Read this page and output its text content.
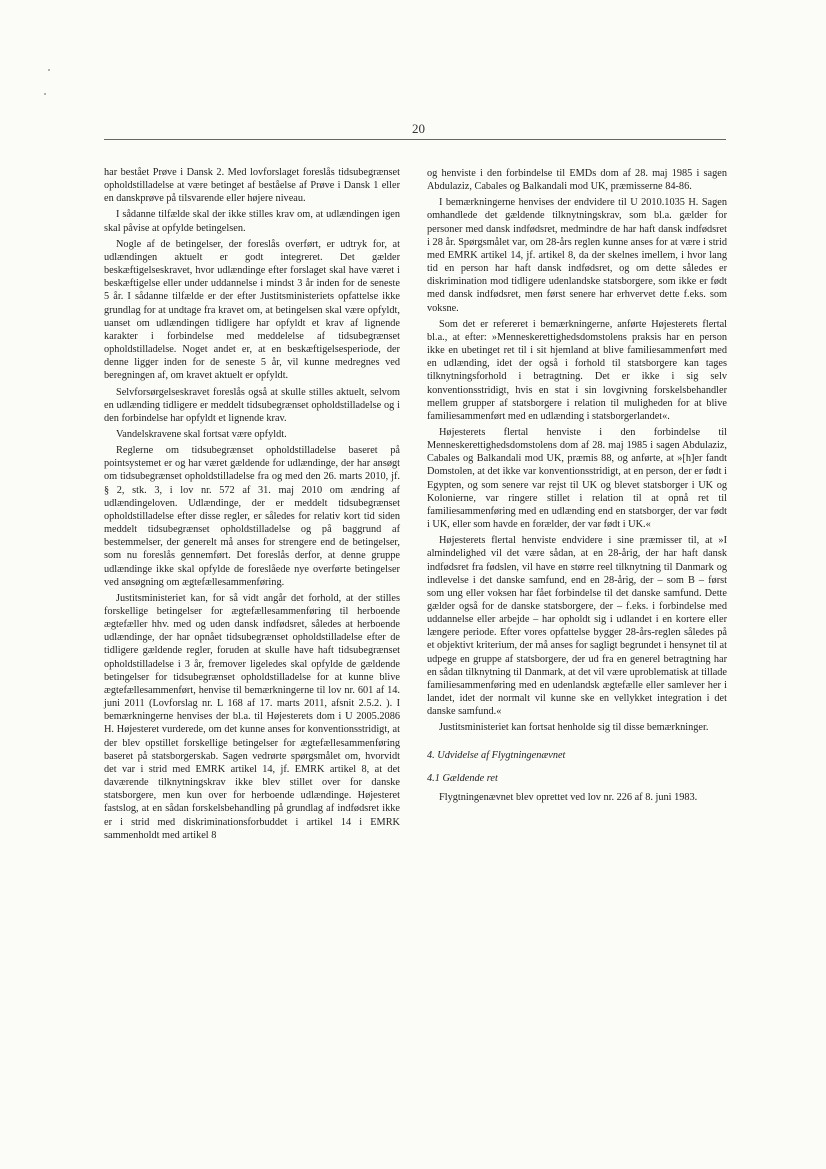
20

har bestået Prøve i Dansk 2. Med lovforslaget foreslås tidsubegrænset opholdstilladelse at være betinget af beståelse af Prøve i Dansk 1 eller en danskprøve på tilsvarende eller højere niveau.

I sådanne tilfælde skal der ikke stilles krav om, at udlændingen igen skal påvise at opfylde betingelsen.

Nogle af de betingelser, der foreslås overført, er udtryk for, at udlændingen aktuelt er godt integreret. Det gælder beskæftigelseskravet, hvor udlændinge efter forslaget skal have været i beskæftigelse eller under uddannelse i mindst 3 år inden for de seneste 5 år. I sådanne tilfælde er der efter Justitsministeriets opfattelse ikke grundlag for at undtage fra kravet om, at betingelsen skal være opfyldt, uanset om udlændingen tidligere har opfyldt et krav af lignende karakter i forbindelse med meddelelse af tidsubegrænset opholdstilladelse. Noget andet er, at en beskæftigelsesperiode, der denne ligger inden for de seneste 5 år, vil kunne medregnes ved beregningen af, om kravet aktuelt er opfyldt.

Selvforsørgelseskravet foreslås også at skulle stilles aktuelt, selvom en udlænding tidligere er meddelt tidsubegrænset opholdstilladelse og i den forbindelse har opfyldt et lignende krav.

Vandelskravene skal fortsat være opfyldt.

Reglerne om tidsubegrænset opholdstilladelse baseret på pointsystemet er og har været gældende for udlændinge, der har ansøgt om tidsubegrænset opholdstilladelse fra og med den 26. marts 2010, jf. § 2, stk. 3, i lov nr. 572 af 31. maj 2010 om ændring af udlændingeloven. Udlændinge, der er meddelt tidsubegrænset opholdstilladelse efter disse regler, er således for relativ kort tid siden meddelt tidsubegrænset opholdstilladelse og på baggrund af bestemmelser, der generelt må anses for strengere end de betingelser, som nu foreslås gennemført. Det foreslås derfor, at denne gruppe udlændinge ikke skal opfylde de foreslåede nye overførte betingelser ved ansøgning om ægtefællesammenføring.

Justitsministeriet kan, for så vidt angår det forhold, at der stilles forskellige betingelser for ægtefællesammenføring til herboende ægtefæller hhv. med og uden dansk indfødsret, således at herboende udlændinge, der har opnået tidsubegrænset opholdstilladelse efter de tidligere gældende regler, foruden at skulle have haft tidsubegrænset opholdstilladelse i 3 år, fremover ligeledes skal opfylde de gældende betingelser for tidsubegrænset opholdstilladelse for at kunne blive ægtefællesammenført, henvise til bemærkningerne til lov nr. 601 af 14. juni 2011 (Lovforslag nr. L 168 af 17. marts 2011, afsnit 2.5.2. ). I bemærkningerne henvises der bl.a. til Højesterets dom i U 2005.2086 H. Højesteret vurderede, om det kunne anses for konventionsstridigt, at der blev opstillet forskellige betingelser for ægtefællesammenføring baseret på statsborgerskab. Sagen vedrørte spørgsmålet om, hvorvidt det var i strid med EMRK artikel 14, jf. EMRK artikel 8, at det daværende tilknytningskrav ikke blev stillet over for danske statsborgere, men kun over for herboende udlændinge. Højesteret fastslog, at en sådan forskelsbehandling på grundlag af indfødsret ikke er i strid med diskriminationsforbuddet i artikel 14 i EMRK sammenholdt med artikel 8

og henviste i den forbindelse til EMDs dom af 28. maj 1985 i sagen Abdulaziz, Cabales og Balkandali mod UK, præmisserne 84-86.

I bemærkningerne henvises der endvidere til U 2010.1035 H. Sagen omhandlede det gældende tilknytningskrav, som bl.a. gælder for personer med dansk indfødsret, medmindre de har haft dansk indfødsret i 28 år. Spørgsmålet var, om 28-års reglen kunne anses for at være i strid med EMRK artikel 14, jf. artikel 8, da der skelnes imellem, i hvor lang tid en person har haft dansk indfødsret, og om dette således er diskrimination mod tidligere udenlandske statsborgere, som ikke er født med dansk indfødsret, men først senere har erhvervet dette f.eks. som voksne.

Som det er refereret i bemærkningerne, anførte Højesterets flertal bl.a., at efter: »Menneskerettighedsdomstolens praksis har en person ikke en ubetinget ret til i sit hjemland at blive familiesammenført med en udlænding, idet der også i forhold til statsborgere kan tages tilknytningsforhold i betragtning. Det er ikke i sig selv konventionsstridigt, hvis en stat i sin lovgivning forskelsbehandler mellem grupper af statsborgere i relation til muligheden for at blive familiesammenført med en udlænding i statsborgerlandet«.

Højesterets flertal henviste i den forbindelse til Menneskerettighedsdomstolens dom af 28. maj 1985 i sagen Abdulaziz, Cabales og Balkandali mod UK, præmis 88, og anførte, at »[h]er fandt Domstolen, at det ikke var konventionsstridigt, at en person, der er født i Egypten, og som senere var rejst til UK og blevet statsborger i UK og Kolonierne, var ringere stillet i relation til at opnå ret til familiesammenføring med en udlænding end en statsborger, der var født i UK, eller som havde en forælder, der var født i UK.«

Højesterets flertal henviste endvidere i sine præmisser til, at »I almindelighed vil det være sådan, at en 28-årig, der har haft dansk indfødsret fra fødslen, vil have en større reel tilknytning til Danmark og indlevelse i det danske samfund, end en 28-årig, der – som B – først som ung eller voksen har fået forbindelse til det danske samfund. Dette gælder også for de danske statsborgere, der – f.eks. i forbindelse med uddannelse eller arbejde – har opholdt sig i udlandet i en kortere eller længere periode. Efter vores opfattelse bygger 28-års-reglen således på et objektivt kriterium, der må anses for sagligt begrundet i hensynet til at udpege en gruppe af statsborgere, der ud fra en generel betragtning har en sådan tilknytning til Danmark, at det vil være uproblematisk at tillade familiesammenføring med en udenlandsk ægtefælle eller samlever her i landet, idet der normalt vil kunne ske en vellykket integration i det danske samfund.«

Justitsministeriet kan fortsat henholde sig til disse bemærkninger.

4. Udvidelse af Flygtningenævnet

4.1 Gældende ret

Flygtningenævnet blev oprettet ved lov nr. 226 af 8. juni 1983.
